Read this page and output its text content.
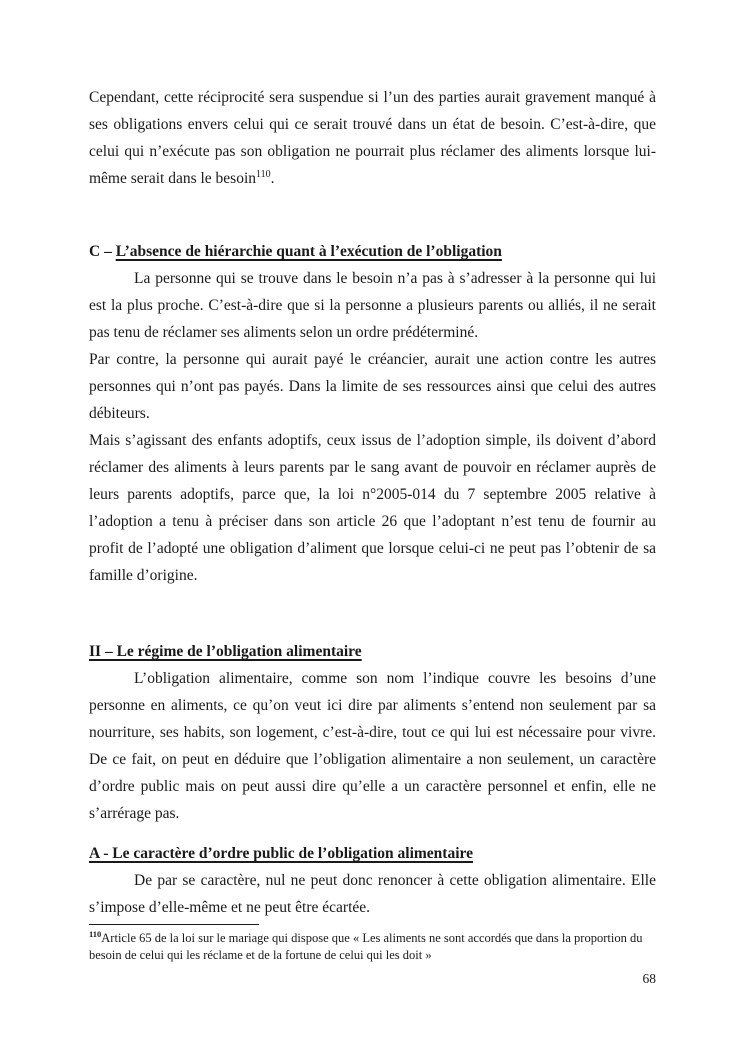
Cependant, cette réciprocité sera suspendue si l’un des parties aurait gravement manqué à ses obligations envers celui qui ce serait trouvé dans un état de besoin. C’est-à-dire, que celui qui n’exécute pas son obligation ne pourrait plus réclamer des aliments lorsque lui-même serait dans le besoin$^{110}$.

C – L’absence de hiérarchie quant à l’exécution de l’obligation

La personne qui se trouve dans le besoin n’a pas à s’adresser à la personne qui lui est la plus proche. C’est-à-dire que si la personne a plusieurs parents ou alliés, il ne serait pas tenu de réclamer ses aliments selon un ordre prédéterminé.

Par contre, la personne qui aurait payé le créancier, aurait une action contre les autres personnes qui n’ont pas payés. Dans la limite de ses ressources ainsi que celui des autres débiteurs.

Mais s’agissant des enfants adoptifs, ceux issus de l’adoption simple, ils doivent d’abord réclamer des aliments à leurs parents par le sang avant de pouvoir en réclamer auprès de leurs parents adoptifs, parce que, la loi n°2005-014 du 7 septembre 2005 relative à l’adoption a tenu à préciser dans son article 26 que l’adoptant n’est tenu de fournir au profit de l’adopté une obligation d’aliment que lorsque celui-ci ne peut pas l’obtenir de sa famille d’origine.

II – Le régime de l’obligation alimentaire

L’obligation alimentaire, comme son nom l’indique couvre les besoins d’une personne en aliments, ce qu’on veut ici dire par aliments s’entend non seulement par sa nourriture, ses habits, son logement, c’est-à-dire, tout ce qui lui est nécessaire pour vivre. De ce fait, on peut en déduire que l’obligation alimentaire a non seulement, un caractère d’ordre public mais on peut aussi dire qu’elle a un caractère personnel et enfin, elle ne s’arrérage pas.

A - Le caractère d’ordre public de l’obligation alimentaire

De par se caractère, nul ne peut donc renoncer à cette obligation alimentaire. Elle s’impose d’elle-même et ne peut être écartée.

$^{110}$Article 65 de la loi sur le mariage qui dispose que « Les aliments ne sont accordés que dans la proportion du besoin de celui qui les réclame et de la fortune de celui qui les doit »

68
